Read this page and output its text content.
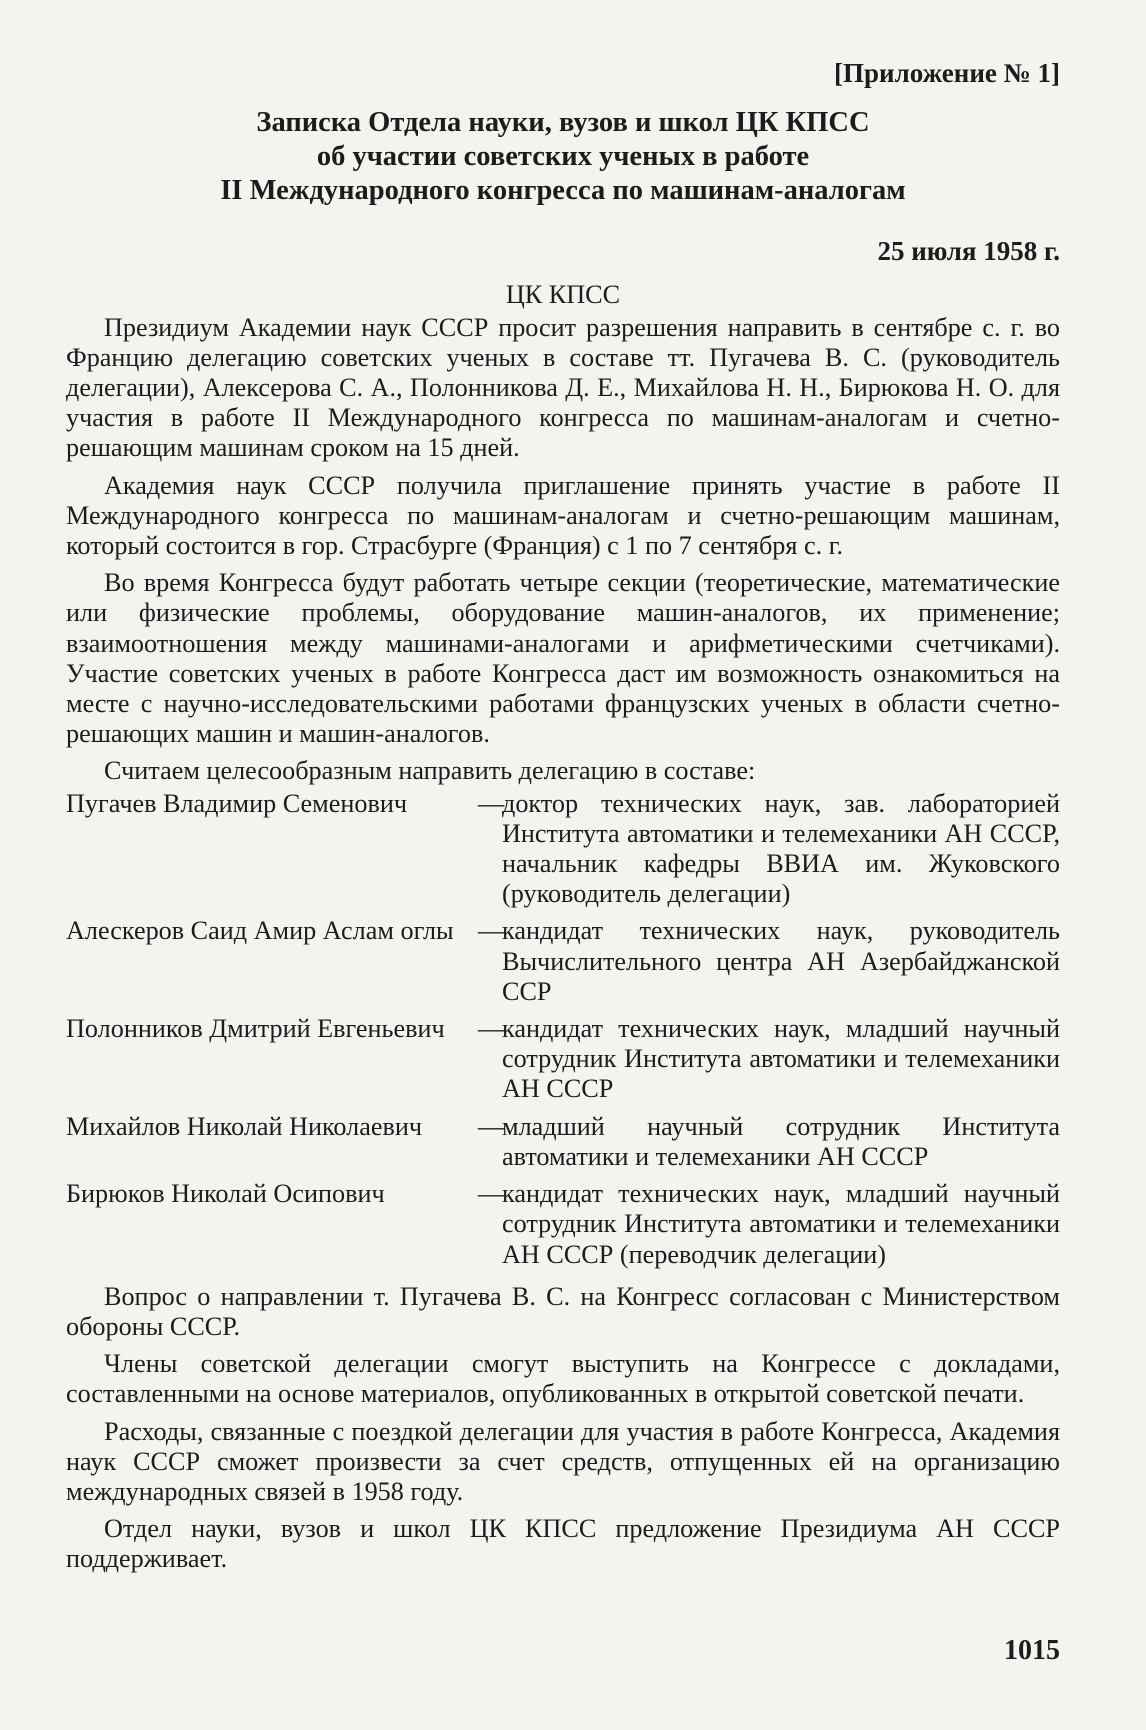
[Приложение № 1]
Записка Отдела науки, вузов и школ ЦК КПСС
об участии советских ученых в работе
II Международного конгресса по машинам-аналогам
25 июля 1958 г.
ЦК КПСС

Президиум Академии наук СССР просит разрешения направить в сентябре с. г. во Францию делегацию советских ученых в составе тт. Пугачева В. С. (руководитель делегации), Алексерова С. А., Полонникова Д. Е., Михайлова Н. Н., Бирюкова Н. О. для участия в работе II Международного конгресса по машинам-аналогам и счетно-решающим машинам сроком на 15 дней.

Академия наук СССР получила приглашение принять участие в работе II Международного конгресса по машинам-аналогам и счетно-решающим машинам, который состоится в гор. Страсбурге (Франция) с 1 по 7 сентября с. г.

Во время Конгресса будут работать четыре секции (теоретические, математические или физические проблемы, оборудование машин-аналогов, их применение; взаимоотношения между машинами-аналогами и арифметическими счетчиками). Участие советских ученых в работе Конгресса даст им возможность ознакомиться на месте с научно-исследовательскими работами французских ученых в области счетно-решающих машин и машин-аналогов.

Считаем целесообразным направить делегацию в составе:

Пугачев Владимир Семенович	—
доктор технических наук, зав. лабораторией Института автоматики и телемеханики АН СССР, начальник кафедры ВВИА им. Жуковского (руководитель делегации)
Алескеров Саид Амир Аслам оглы —
кандидат технических наук, руководитель Вычислительного центра АН Азербайджанской ССР
Полонников Дмитрий Евгеньевич	—
кандидат технических наук, младший научный сотрудник Института автоматики и телемеханики АН СССР
Михайлов Николай Николаевич	—
младший научный сотрудник Института автоматики и телемеханики АН СССР
Бирюков Николай Осипович	—
кандидат технических наук, младший научный сотрудник Института автоматики и телемеханики АН СССР (переводчик делегации)

Вопрос о направлении т. Пугачева В. С. на Конгресс согласован с Министерством обороны СССР.

Члены советской делегации смогут выступить на Конгрессе с докладами, составленными на основе материалов, опубликованных в открытой советской печати.

Расходы, связанные с поездкой делегации для участия в работе Конгресса, Академия наук СССР сможет произвести за счет средств, отпущенных ей на организацию международных связей в 1958 году.

Отдел науки, вузов и школ ЦК КПСС предложение Президиума АН СССР поддерживает.

1015
